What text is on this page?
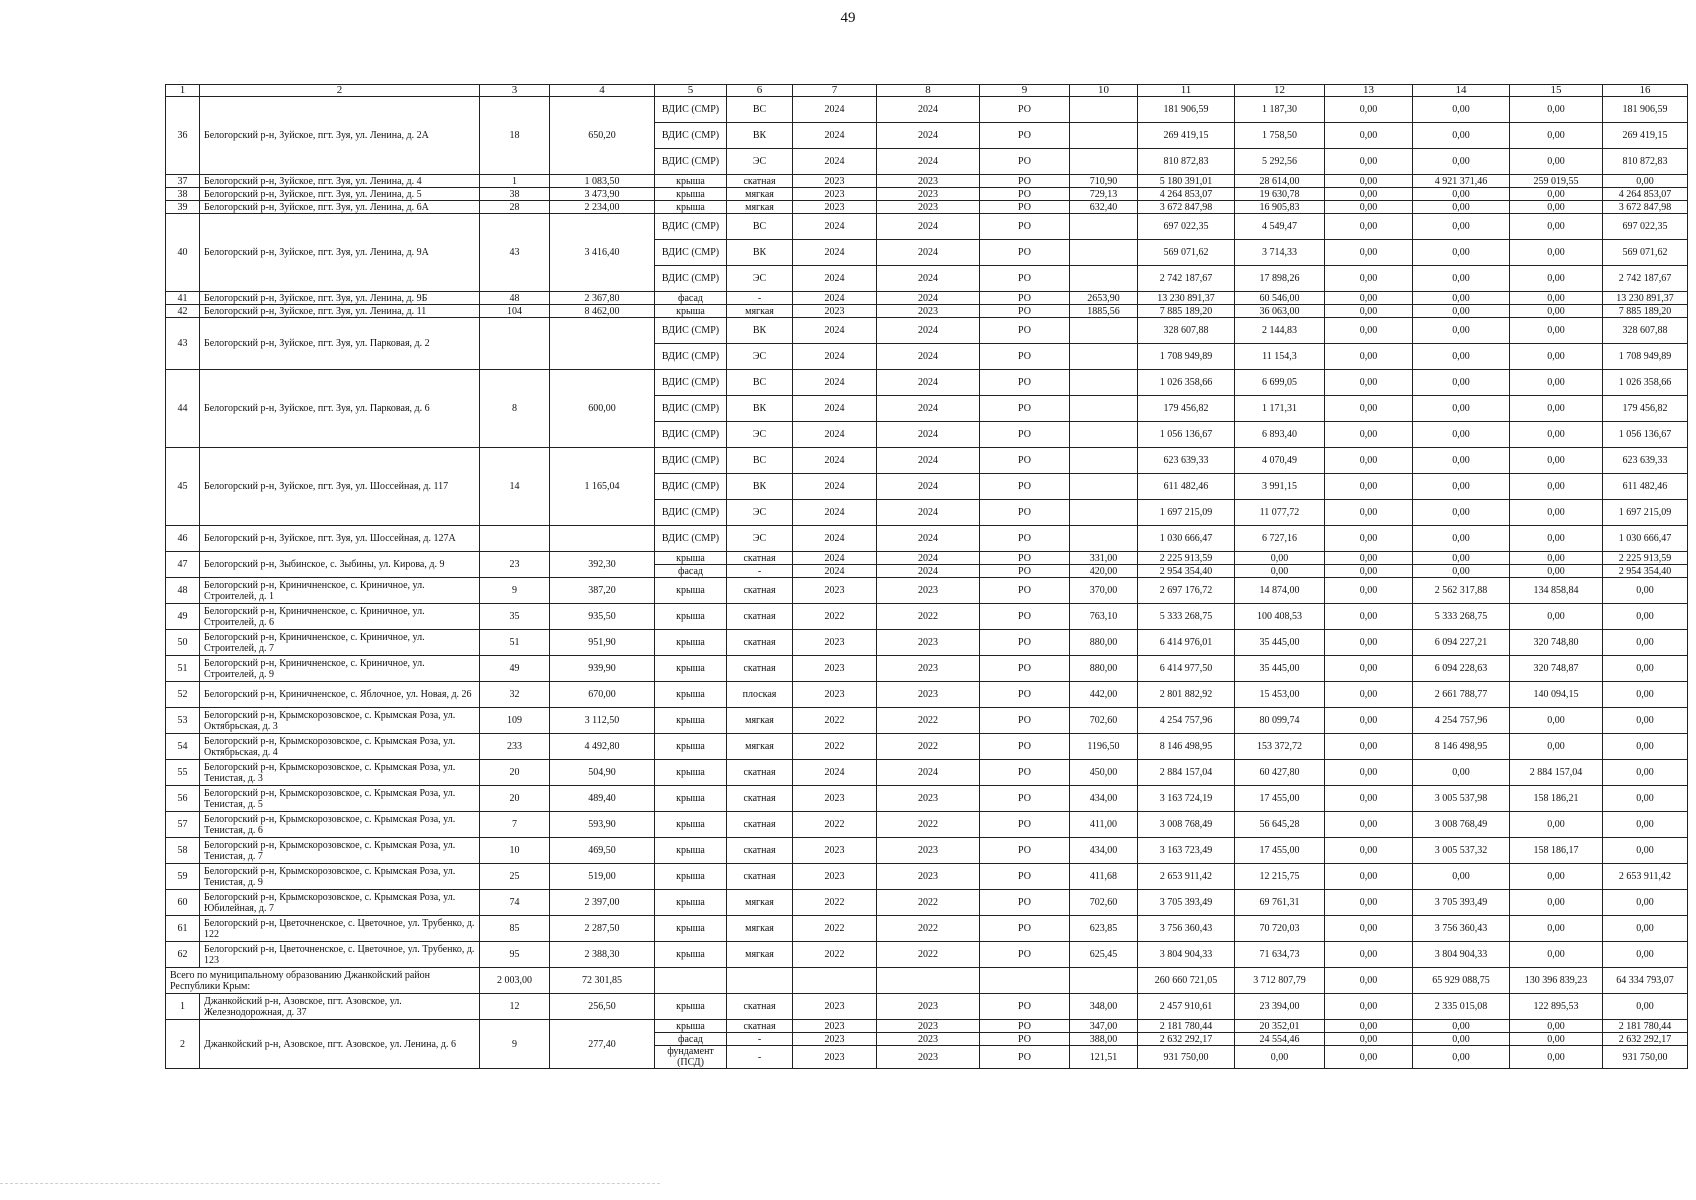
49
1	2	3	4	5	6	7	8	9	10	11	12	13	14	15	16
36	Белогорский р-н, Зуйское, пгт. Зуя, ул. Ленина, д. 2А	18	650,20	ВДИС (СМР)	ВС	2024	2024	РО		181 906,59	1 187,30	0,00	0,00	0,00	181 906,59
				ВДИС (СМР)	ВК	2024	2024	РО		269 419,15	1 758,50	0,00	0,00	0,00	269 419,15
				ВДИС (СМР)	ЭС	2024	2024	РО		810 872,83	5 292,56	0,00	0,00	0,00	810 872,83
37	Белогорский р-н, Зуйское, пгт. Зуя, ул. Ленина, д. 4	1	1 083,50	крыша	скатная	2023	2023	РО	710,90	5 180 391,01	28 614,00	0,00	4 921 371,46	259 019,55	0,00
38	Белогорский р-н, Зуйское, пгт. Зуя, ул. Ленина, д. 5	38	3 473,90	крыша	мягкая	2023	2023	РО	729,13	4 264 853,07	19 630,78	0,00	0,00	0,00	4 264 853,07
39	Белогорский р-н, Зуйское, пгт. Зуя, ул. Ленина, д. 6А	28	2 234,00	крыша	мягкая	2023	2023	РО	632,40	3 672 847,98	16 905,83	0,00	0,00	0,00	3 672 847,98
40	Белогорский р-н, Зуйское, пгт. Зуя, ул. Ленина, д. 9А	43	3 416,40	ВДИС (СМР)	ВС	2024	2024	РО		697 022,35	4 549,47	0,00	0,00	0,00	697 022,35
				ВДИС (СМР)	ВК	2024	2024	РО		569 071,62	3 714,33	0,00	0,00	0,00	569 071,62
				ВДИС (СМР)	ЭС	2024	2024	РО		2 742 187,67	17 898,26	0,00	0,00	0,00	2 742 187,67
41	Белогорский р-н, Зуйское, пгт. Зуя, ул. Ленина, д. 9Б	48	2 367,80	фасад	-	2024	2024	РО	2653,90	13 230 891,37	60 546,00	0,00	0,00	0,00	13 230 891,37
42	Белогорский р-н, Зуйское, пгт. Зуя, ул. Ленина, д. 11	104	8 462,00	крыша	мягкая	2023	2023	РО	1885,56	7 885 189,20	36 063,00	0,00	0,00	0,00	7 885 189,20
43	Белогорский р-н, Зуйское, пгт. Зуя, ул. Парковая, д. 2			ВДИС (СМР)	ВК	2024	2024	РО		328 607,88	2 144,83	0,00	0,00	0,00	328 607,88
				ВДИС (СМР)	ЭС	2024	2024	РО		1 708 949,89	11 154,3	0,00	0,00	0,00	1 708 949,89
44	Белогорский р-н, Зуйское, пгт. Зуя, ул. Парковая, д. 6	8	600,00	ВДИС (СМР)	ВС	2024	2024	РО		1 026 358,66	6 699,05	0,00	0,00	0,00	1 026 358,66
				ВДИС (СМР)	ВК	2024	2024	РО		179 456,82	1 171,31	0,00	0,00	0,00	179 456,82
				ВДИС (СМР)	ЭС	2024	2024	РО		1 056 136,67	6 893,40	0,00	0,00	0,00	1 056 136,67
45	Белогорский р-н, Зуйское, пгт. Зуя, ул. Шоссейная, д. 117	14	1 165,04	ВДИС (СМР)	ВС	2024	2024	РО		623 639,33	4 070,49	0,00	0,00	0,00	623 639,33
				ВДИС (СМР)	ВК	2024	2024	РО		611 482,46	3 991,15	0,00	0,00	0,00	611 482,46
				ВДИС (СМР)	ЭС	2024	2024	РО		1 697 215,09	11 077,72	0,00	0,00	0,00	1 697 215,09
46	Белогорский р-н, Зуйское, пгт. Зуя, ул. Шоссейная, д. 127А			ВДИС (СМР)	ЭС	2024	2024	РО		1 030 666,47	6 727,16	0,00	0,00	0,00	1 030 666,47
47	Белогорский р-н, Зыбинское, с. Зыбины, ул. Кирова, д. 9	23	392,30	крыша	скатная	2024	2024	РО	331,00	2 225 913,59	0,00	0,00	0,00	0,00	2 225 913,59
				фасад	-	2024	2024	РО	420,00	2 954 354,40	0,00	0,00	0,00	0,00	2 954 354,40
48	Белогорский р-н, Криничненское, с. Криничное, ул. Строителей, д. 1	9	387,20	крыша	скатная	2023	2023	РО	370,00	2 697 176,72	14 874,00	0,00	2 562 317,88	134 858,84	0,00
49	Белогорский р-н, Криничненское, с. Криничное, ул. Строителей, д. 6	35	935,50	крыша	скатная	2022	2022	РО	763,10	5 333 268,75	100 408,53	0,00	5 333 268,75	0,00	0,00
50	Белогорский р-н, Криничненское, с. Криничное, ул. Строителей, д. 7	51	951,90	крыша	скатная	2023	2023	РО	880,00	6 414 976,01	35 445,00	0,00	6 094 227,21	320 748,80	0,00
51	Белогорский р-н, Криничненское, с. Криничное, ул. Строителей, д. 9	49	939,90	крыша	скатная	2023	2023	РО	880,00	6 414 977,50	35 445,00	0,00	6 094 228,63	320 748,87	0,00
52	Белогорский р-н, Криничненское, с. Яблочное, ул. Новая, д. 26	32	670,00	крыша	плоская	2023	2023	РО	442,00	2 801 882,92	15 453,00	0,00	2 661 788,77	140 094,15	0,00
53	Белогорский р-н, Крымскорозовское, с. Крымская Роза, ул. Октябрьская, д. 3	109	3 112,50	крыша	мягкая	2022	2022	РО	702,60	4 254 757,96	80 099,74	0,00	4 254 757,96	0,00	0,00
54	Белогорский р-н, Крымскорозовское, с. Крымская Роза, ул. Октябрьская, д. 4	233	4 492,80	крыша	мягкая	2022	2022	РО	1196,50	8 146 498,95	153 372,72	0,00	8 146 498,95	0,00	0,00
55	Белогорский р-н, Крымскорозовское, с. Крымская Роза, ул. Тенистая, д. 3	20	504,90	крыша	скатная	2024	2024	РО	450,00	2 884 157,04	60 427,80	0,00	0,00	2 884 157,04	0,00
56	Белогорский р-н, Крымскорозовское, с. Крымская Роза, ул. Тенистая, д. 5	20	489,40	крыша	скатная	2023	2023	РО	434,00	3 163 724,19	17 455,00	0,00	3 005 537,98	158 186,21	0,00
57	Белогорский р-н, Крымскорозовское, с. Крымская Роза, ул. Тенистая, д. 6	7	593,90	крыша	скатная	2022	2022	РО	411,00	3 008 768,49	56 645,28	0,00	3 008 768,49	0,00	0,00
58	Белогорский р-н, Крымскорозовское, с. Крымская Роза, ул. Тенистая, д. 7	10	469,50	крыша	скатная	2023	2023	РО	434,00	3 163 723,49	17 455,00	0,00	3 005 537,32	158 186,17	0,00
59	Белогорский р-н, Крымскорозовское, с. Крымская Роза, ул. Тенистая, д. 9	25	519,00	крыша	скатная	2023	2023	РО	411,68	2 653 911,42	12 215,75	0,00	0,00	0,00	2 653 911,42
60	Белогорский р-н, Крымскорозовское, с. Крымская Роза, ул. Юбилейная, д. 7	74	2 397,00	крыша	мягкая	2022	2022	РО	702,60	3 705 393,49	69 761,31	0,00	3 705 393,49	0,00	0,00
61	Белогорский р-н, Цветочненское, с. Цветочное, ул. Трубенко, д. 122	85	2 287,50	крыша	мягкая	2022	2022	РО	623,85	3 756 360,43	70 720,03	0,00	3 756 360,43	0,00	0,00
62	Белогорский р-н, Цветочненское, с. Цветочное, ул. Трубенко, д. 123	95	2 388,30	крыша	мягкая	2022	2022	РО	625,45	3 804 904,33	71 634,73	0,00	3 804 904,33	0,00	0,00
Всего по муниципальному образованию Джанкойский район Республики Крым:		2 003,00	72 301,85							260 660 721,05	3 712 807,79	0,00	65 929 088,75	130 396 839,23	64 334 793,07
1	Джанкойский р-н, Азовское, пгт. Азовское, ул. Железнодорожная, д. 37	12	256,50	крыша	скатная	2023	2023	РО	348,00	2 457 910,61	23 394,00	0,00	2 335 015,08	122 895,53	0,00
2	Джанкойский р-н, Азовское, пгт. Азовское, ул. Ленина, д. 6	9	277,40	крыша	скатная	2023	2023	РО	347,00	2 181 780,44	20 352,01	0,00	0,00	0,00	2 181 780,44
				фасад	-	2023	2023	РО	388,00	2 632 292,17	24 554,46	0,00	0,00	0,00	2 632 292,17
				фундамент (ПСД)	-	2023	2023	РО	121,51	931 750,00	0,00	0,00	0,00	0,00	931 750,00
